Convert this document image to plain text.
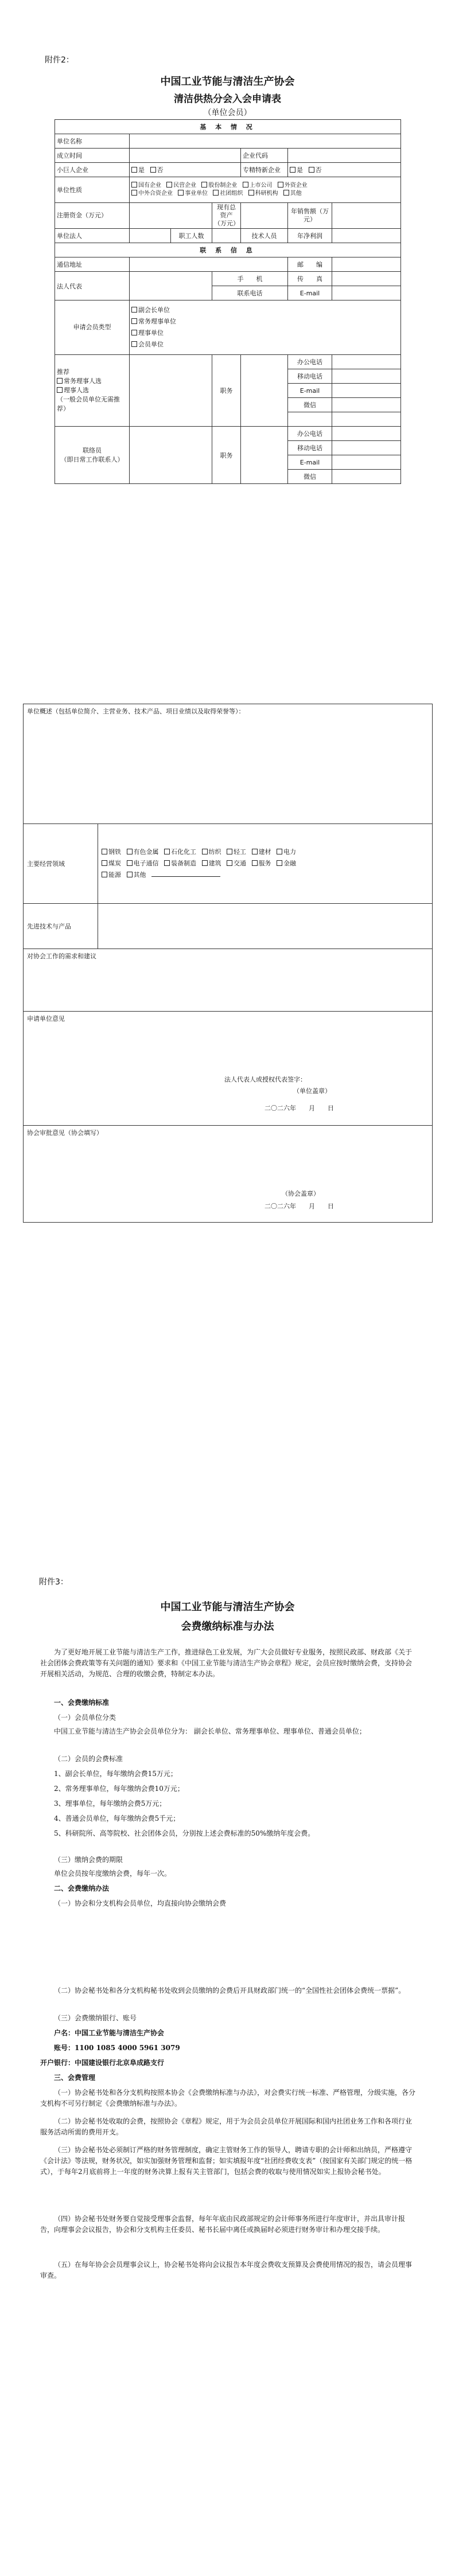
附件2：
中国工业节能与清洁生产协会
清洁供热分会入会申请表
（单位会员）
基 本 情 况						
单位名称						
成立时间				企业代码		
小巨人企业	是 否			专精特新企业	是 否	
单位性质	国有企业 民营企业 股份制企业 上市公司 外资企业
中外合资企业 事业单位 社团组织 科研机构 其他					
注册资金（万元）			现有总资产（万元）		年销售额（万元）	
单位法人		职工人数		技术人员	年净利润	
联 系 信 息						
通信地址					邮　　编	
法人代表			手　　机		传　　真	
			联系电话		E-mail	
申请会员类型	副会长单位
常务理事单位
理事单位
会员单位					

推荐
常务理事人选
理事人选
（一般会员单位无需推荐）			职务		办公电话	
					移动电话	
					E-mail	
					微信	

联络员
（即日常工作联系人）			职务		办公电话	
					移动电话	
					E-mail	
					微信	
单位概述（包括单位简介、主营业务、技术产品、项目业绩以及取得荣誉等）：	
主要经营领域	钢铁 有色金属 石化化工 纺织 轻工 建材 电力
煤炭 电子通信 装备制造 建筑 交通 服务 金融
能源 其他

先进技术与产品	
对协会工作的需求和建议	

申请单位意见
法人代表人或授权代表签字：
（单位盖章）
二〇二六年　　月　　日	

协会审批意见（协会填写）
（协会盖章）
二〇二六年　　月　　日	
附件3：
中国工业节能与清洁生产协会
会费缴纳标准与办法
为了更好地开展工业节能与清洁生产工作，推进绿色工业发展，为广大会员做好专业服务，按照民政部、财政部《关于社会团体会费政策等有关问题的通知》要求和《中国工业节能与清洁生产协会章程》规定，会员应按时缴纳会费，支持协会开展相关活动，为规范、合理的收缴会费，特制定本办法。
一、会费缴纳标准
（一）会员单位分类
中国工业节能与清洁生产协会会员单位分为： 副会长单位、常务理事单位、理事单位、普通会员单位；
（二）会员的会费标准
1、副会长单位，每年缴纳会费15万元；
2、常务理事单位，每年缴纳会费10万元；
3、理事单位，每年缴纳会费5万元；
4、普通会员单位，每年缴纳会费5千元；
5、科研院所、高等院校、社会团体会员，分别按上述会费标准的50%缴纳年度会费。
（三）缴纳会费的期限
单位会员按年度缴纳会费，每年一次。
二、会费缴纳办法
（一）协会和分支机构会员单位，均直接向协会缴纳会费
（二）协会秘书处和各分支机构秘书处收到会员缴纳的会费后开具财政部门统一的“全国性社会团体会费统一票据”。
（三）会费缴纳银行、账号
户名：中国工业节能与清洁生产协会
账号：1100 1085 4000 5961 3079
开户银行：中国建设银行北京阜成路支行
三、会费管理
（一）协会秘书处和各分支机构按照本协会《会费缴纳标准与办法》，对会费实行统一标准、严格管理，分级实施，各分支机构不可另行制定《会费缴纳标准与办法》。
（二）协会秘书处收取的会费，按照协会《章程》规定，用于为会员会员单位开展国际和国内社团业务工作和各项行业服务活动所需的费用开支。
（三）协会秘书处必须制订严格的财务管理制度，确定主管财务工作的领导人，聘请专职的会计师和出纳员，严格遵守《会计法》等法规，财务状况，如实加强财务管理和监督；如实填报年度“社团经费收支表”（按国家有关部门规定的统一格式），于每年2月底前将上一年度的财务决算上报有关主管部门，包括会费的收取与使用情况如实上报协会秘书处。
（四）协会秘书处财务要自觉接受理事会监督，每年年底由民政部规定的会计师事务所进行年度审计，并出具审计报告，向理事会会议报告，协会和分支机构主任委员、秘书长届中离任或换届时必须进行财务审计和办理交接手续。
（五）在每年协会会员理事会议上，协会秘书处将向会议报告本年度会费收支预算及会费使用情况的报告，请会员理事审查。
